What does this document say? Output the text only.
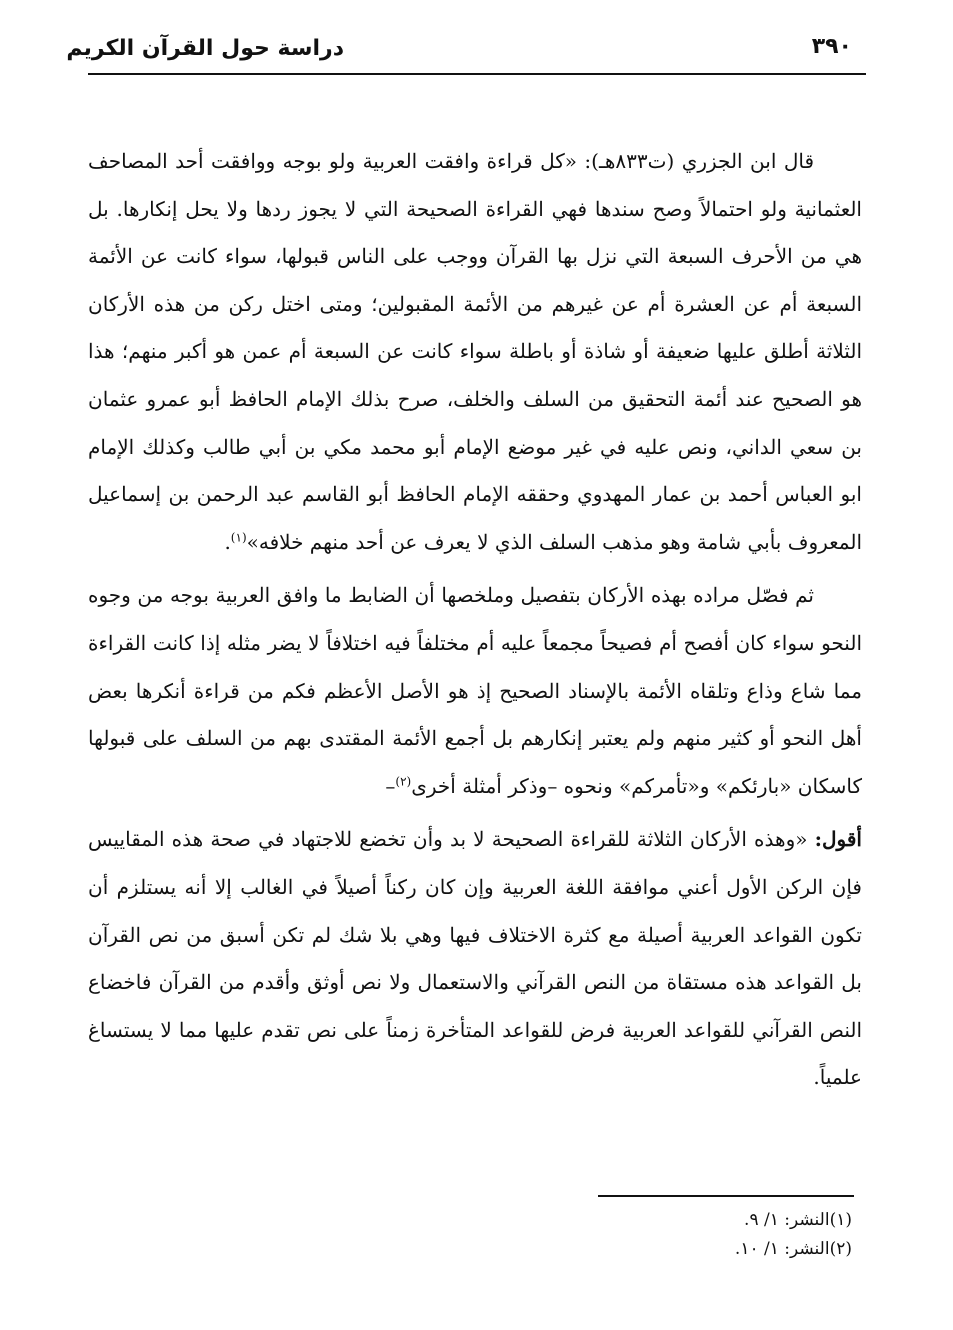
دراسة حول القرآن الكريم	٣٩٠

قال ابن الجزري (ت٨٣٣هـ): «كل قراءة وافقت العربية ولو بوجه ووافقت أحد المصاحف العثمانية ولو احتمالاً وصح سندها فهي القراءة الصحيحة التي لا يجوز ردها ولا يحل إنكارها. بل هي من الأحرف السبعة التي نزل بها القرآن ووجب على الناس قبولها، سواء كانت عن الأئمة السبعة أم عن العشرة أم عن غيرهم من الأئمة المقبولين؛ ومتى اختل ركن من هذه الأركان الثلاثة أطلق عليها ضعيفة أو شاذة أو باطلة سواء كانت عن السبعة أم عمن هو أكبر منهم؛ هذا هو الصحيح عند أئمة التحقيق من السلف والخلف، صرح بذلك الإمام الحافظ أبو عمرو عثمان بن سعي الداني، ونص عليه في غير موضع الإمام أبو محمد مكي بن أبي طالب وكذلك الإمام ابو العباس أحمد بن عمار المهدوي وحققه الإمام الحافظ أبو القاسم عبد الرحمن بن إسماعيل المعروف بأبي شامة وهو مذهب السلف الذي لا يعرف عن أحد منهم خلافه»$^{(١)}$.

ثم فصّل مراده بهذه الأركان بتفصيل وملخصها أن الضابط ما وافق العربية بوجه من وجوه النحو سواء كان أفصح أم فصيحاً مجمعاً عليه أم مختلفاً فيه اختلافاً لا يضر مثله إذا كانت القراءة مما شاع وذاع وتلقاه الأئمة بالإسناد الصحيح إذ هو الأصل الأعظم فكم من قراءة أنكرها بعض أهل النحو أو كثير منهم ولم يعتبر إنكارهم بل أجمع الأئمة المقتدى بهم من السلف على قبولها كاسكان «بارئكم» و«تأمركم» ونحوه –وذكر أمثلة أخرى$^{(٢)}$–

أقول: «وهذه الأركان الثلاثة للقراءة الصحيحة لا بد وأن تخضع للاجتهاد في صحة هذه المقاييس فإن الركن الأول أعني موافقة اللغة العربية وإن كان ركناً أصيلاً في الغالب إلا أنه يستلزم أن تكون القواعد العربية أصيلة مع كثرة الاختلاف فيها وهي بلا شك لم تكن أسبق من نص القرآن بل القواعد هذه مستقاة من النص القرآني والاستعمال ولا نص أوثق وأقدم من القرآن فاخضاع النص القرآني للقواعد العربية فرض للقواعد المتأخرة زمناً على نص تقدم عليها مما لا يستساغ علمياً.

(١)النشر: ١/ ٩.
(٢)النشر: ١/ ١٠.
